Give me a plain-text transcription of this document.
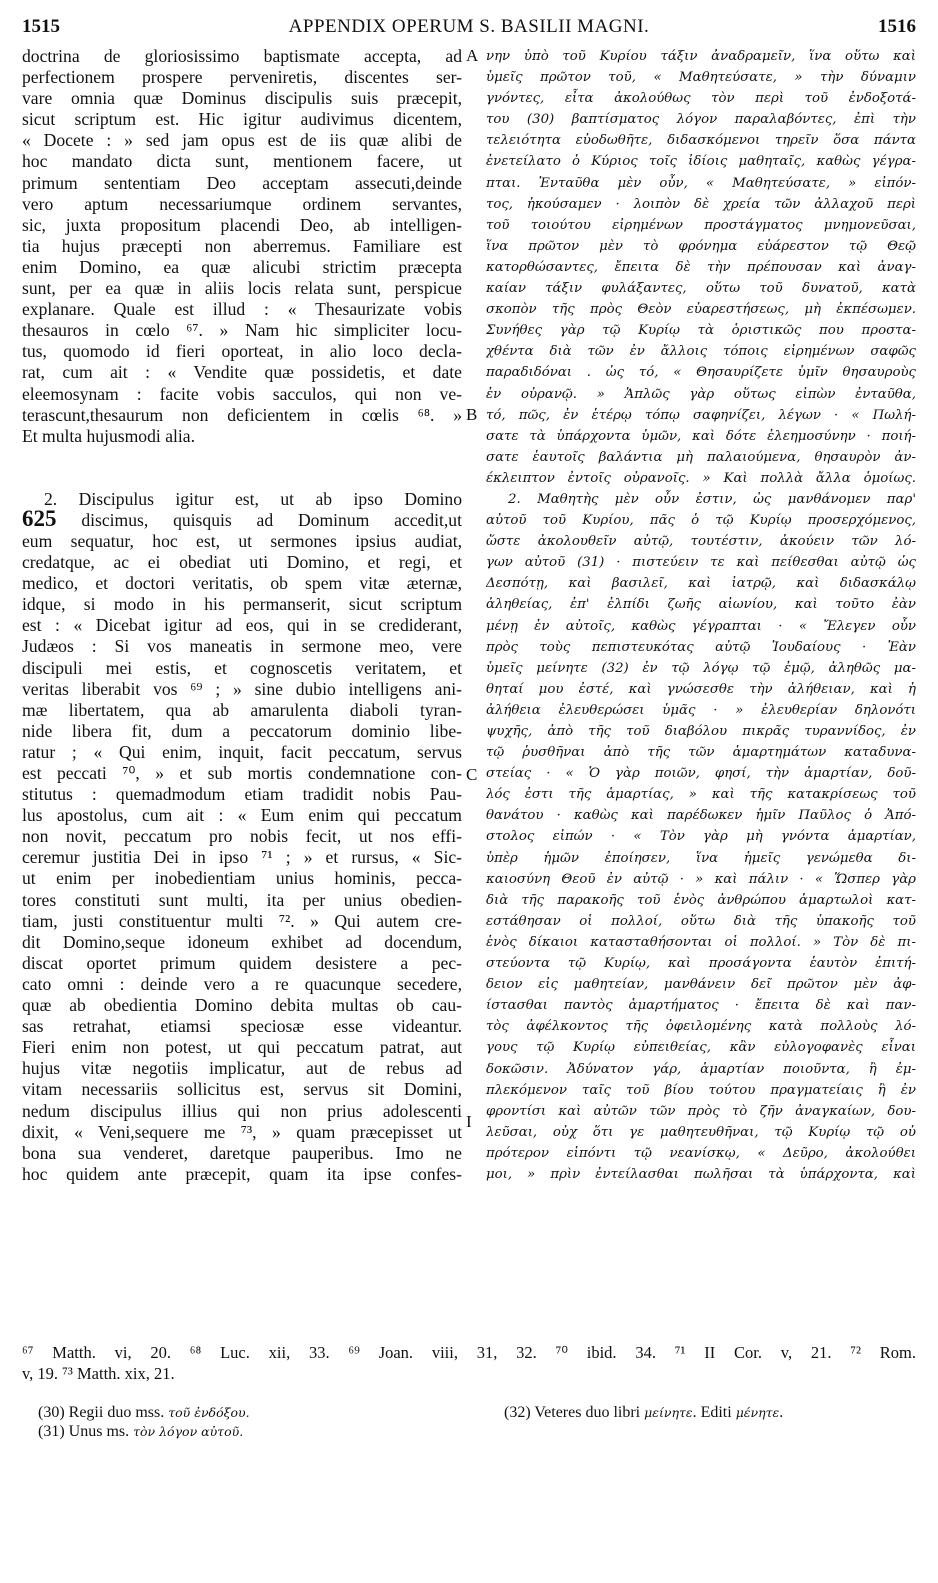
1515	APPENDIX OPERUM S. BASILII MAGNI.	1516
doctrina de gloriosissimo baptismate accepta, ad
perfectionem prospere perveniretis, discentes ser-
vare omnia quæ Dominus discipulis suis præcepit,
sicut scriptum est. Hic igitur audivimus dicentem,
« Docete : » sed jam opus est de iis quæ alibi de
hoc mandato dicta sunt, mentionem facere, ut
primum sententiam Deo acceptam assecuti,deinde
vero aptum necessariumque ordinem servantes,
sic, juxta propositum placendi Deo, ab intelligen-
tia hujus præcepti non aberremus. Familiare est
enim Domino, ea quæ alicubi strictim præcepta
sunt, per ea quæ in aliis locis relata sunt, perspicue
explanare. Quale est illud : « Thesaurizate vobis
thesauros in cœlo ⁶⁷. » Nam hic simpliciter locu-
tus, quomodo id fieri oporteat, in alio loco decla-
rat, cum ait : « Vendite quæ possidetis, et date
eleemosynam : facite vobis sacculos, qui non ve-
terascunt,thesaurum non deficientem in cœlis ⁶⁸. »
Et multa hujusmodi alia.
2. Discipulus igitur est, ut ab ipso Domino
625 discimus, quisquis ad Dominum accedit,ut
eum sequatur, hoc est, ut sermones ipsius audiat,
credatque, ac ei obediat uti Domino, et regi, et
medico, et doctori veritatis, ob spem vitæ æternæ,
idque, si modo in his permanserit, sicut scriptum
est : « Dicebat igitur ad eos, qui in se crediderant,
Judæos : Si vos maneatis in sermone meo, vere
discipuli mei estis, et cognoscetis veritatem, et
veritas liberabit vos ⁶⁹ ; » sine dubio intelligens ani-
mæ libertatem, qua ab amarulenta diaboli tyran-
nide libera fit, dum a peccatorum dominio libe-
ratur ; « Qui enim, inquit, facit peccatum, servus
est peccati ⁷⁰, » et sub mortis condemnatione con-
stitutus : quemadmodum etiam tradidit nobis Pau-
lus apostolus, cum ait : « Eum enim qui peccatum
non novit, peccatum pro nobis fecit, ut nos effi-
ceremur justitia Dei in ipso ⁷¹ ; » et rursus, « Sic-
ut enim per inobedientiam unius hominis, pecca-
tores constituti sunt multi, ita per unius obedien-
tiam, justi constituentur multi ⁷². » Qui autem cre-
dit Domino,seque idoneum exhibet ad docendum,
discat oportet primum quidem desistere a pec-
cato omni : deinde vero a re quacunque secedere,
quæ ab obedientia Domino debita multas ob cau-
sas retrahat, etiamsi speciosæ esse videantur.
Fieri enim non potest, ut qui peccatum patrat, aut
hujus vitæ negotiis implicatur, aut de rebus ad
vitam necessariis sollicitus est, servus sit Domini,
nedum discipulus illius qui non prius adolescenti
dixit, « Veni,sequere me ⁷³, » quam præcepisset ut
bona sua venderet, daretque pauperibus. Imo ne
hoc quidem ante præcepit, quam ita ipse confes-
A
B
C
I
νην ὑπὸ τοῦ Κυρίου τάξιν ἀναδραμεῖν, ἵνα οὕτω καὶ
ὑμεῖς πρῶτον τοῦ, « Μαθητεύσατε, » τὴν δύναμιν
γνόντες, εἶτα ἀκολούθως τὸν περὶ τοῦ ἐνδοξοτά-
του (30) βαπτίσματος λόγον παραλαβόντες, ἐπὶ τὴν
τελειότητα εὐοδωθῆτε, διδασκόμενοι τηρεῖν ὅσα πάντα
ἐνετείλατο ὁ Κύριος τοῖς ἰδίοις μαθηταῖς, καθὼς γέγρα-
πται. Ἐνταῦθα μὲν οὖν, « Μαθητεύσατε, » εἰπόν-
τος, ἠκούσαμεν · λοιπὸν δὲ χρεία τῶν ἀλλαχοῦ περὶ
τοῦ τοιούτου εἰρημένων προστάγματος μνημονεῦσαι,
ἵνα πρῶτον μὲν τὸ φρόνημα εὐάρεστον τῷ Θεῷ
κατορθώσαντες, ἔπειτα δὲ τὴν πρέπουσαν καὶ ἀναγ-
καίαν τάξιν φυλάξαντες, οὕτω τοῦ δυνατοῦ, κατὰ
σκοπὸν τῆς πρὸς Θεὸν εὐαρεστήσεως, μὴ ἐκπέσωμεν.
Συνήθες γὰρ τῷ Κυρίῳ τὰ ὁριστικῶς που προστα-
χθέντα διὰ τῶν ἐν ἄλλοις τόποις εἰρημένων σαφῶς
παραδιδόναι . ὡς τό, « Θησαυρίζετε ὑμῖν θησαυροὺς
ἐν οὐρανῷ. » Ἁπλῶς γὰρ οὕτως εἰπὼν ἐνταῦθα,
τό, πῶς, ἐν ἑτέρῳ τόπῳ σαφηνίζει, λέγων · « Πωλή-
σατε τὰ ὑπάρχοντα ὑμῶν, καὶ δότε ἐλεημοσύνην · ποιή-
σατε ἑαυτοῖς βαλάντια μὴ παλαιούμενα, θησαυρὸν ἀν-
έκλειπτον ἐντοῖς οὐρανοῖς. » Καὶ πολλὰ ἄλλα ὁμοίως.
2. Μαθητὴς μὲν οὖν ἐστιν, ὡς μανθάνομεν παρ'
αὐτοῦ τοῦ Κυρίου, πᾶς ὁ τῷ Κυρίῳ προσερχόμενος,
ὥστε ἀκολουθεῖν αὐτῷ, τουτέστιν, ἀκούειν τῶν λό-
γων αὐτοῦ (31) · πιστεύειν τε καὶ πείθεσθαι αὐτῷ ὡς
Δεσπότῃ, καὶ βασιλεῖ, καὶ ἰατρῷ, καὶ διδασκάλῳ
ἀληθείας, ἐπ' ἐλπίδι ζωῆς αἰωνίου, καὶ τοῦτο ἐὰν
μένῃ ἐν αὐτοῖς, καθὼς γέγραπται · « Ἔλεγεν οὖν
πρὸς τοὺς πεπιστευκότας αὐτῷ Ἰουδαίους · Ἐὰν
ὑμεῖς μείνητε (32) ἐν τῷ λόγῳ τῷ ἐμῷ, ἀληθῶς μα-
θηταί μου ἐστέ, καὶ γνώσεσθε τὴν ἀλήθειαν, καὶ ἡ
ἀλήθεια ἐλευθερώσει ὑμᾶς · » ἐλευθερίαν δηλονότι
ψυχῆς, ἀπὸ τῆς τοῦ διαβόλου πικρᾶς τυραννίδος, ἐν
τῷ ῥυσθῆναι ἀπὸ τῆς τῶν ἁμαρτημάτων καταδυνα-
στείας · « Ὁ γὰρ ποιῶν, φησί, τὴν ἁμαρτίαν, δοῦ-
λός ἐστι τῆς ἁμαρτίας, » καὶ τῆς κατακρίσεως τοῦ
θανάτου · καθὼς καὶ παρέδωκεν ἡμῖν Παῦλος ὁ Ἀπό-
στολος εἰπών · « Τὸν γὰρ μὴ γνόντα ἁμαρτίαν,
ὑπὲρ ἡμῶν ἐποίησεν, ἵνα ἡμεῖς γενώμεθα δι-
καιοσύνη Θεοῦ ἐν αὐτῷ · » καὶ πάλιν · « Ὥσπερ γὰρ
διὰ τῆς παρακοῆς τοῦ ἑνὸς ἀνθρώπου ἁμαρτωλοὶ κατ-
εστάθησαν οἱ πολλοί, οὕτω διὰ τῆς ὑπακοῆς τοῦ
ἑνὸς δίκαιοι κατασταθήσονται οἱ πολλοί. » Τὸν δὲ πι-
στεύοντα τῷ Κυρίῳ, καὶ προσάγοντα ἑαυτὸν ἐπιτή-
δειον εἰς μαθητείαν, μανθάνειν δεῖ πρῶτον μὲν ἀφ-
ίστασθαι παντὸς ἁμαρτήματος · ἔπειτα δὲ καὶ παν-
τὸς ἀφέλκοντος τῆς ὀφειλομένης κατὰ πολλοὺς λό-
γους τῷ Κυρίῳ εὐπειθείας, κἂν εὐλογοφανὲς εἶναι
δοκῶσιν. Ἀδύνατον γάρ, ἁμαρτίαν ποιοῦντα, ἢ ἐμ-
πλεκόμενον ταῖς τοῦ βίου τούτου πραγματείαις ἢ ἐν
φροντίσι καὶ αὐτῶν τῶν πρὸς τὸ ζῆν ἀναγκαίων, δου-
λεῦσαι, οὐχ ὅτι γε μαθητευθῆναι, τῷ Κυρίῳ τῷ οὐ
πρότερον εἰπόντι τῷ νεανίσκῳ, « Δεῦρο, ἀκολούθει
μοι, » πρὶν ἐντείλασθαι πωλῆσαι τὰ ὑπάρχοντα, καὶ
⁶⁷ Matth. vi, 20. ⁶⁸ Luc. xii, 33. ⁶⁹ Joan. viii, 31, 32. ⁷⁰ ibid. 34. ⁷¹ II Cor. v, 21. ⁷² Rom.
v, 19. ⁷³ Matth. xix, 21.
(30) Regii duo mss. τοῦ ἐνδόξου.
(31) Unus ms. τὸν λόγον αὐτοῦ.
(32) Veteres duo libri μείνητε. Editi μένητε.
